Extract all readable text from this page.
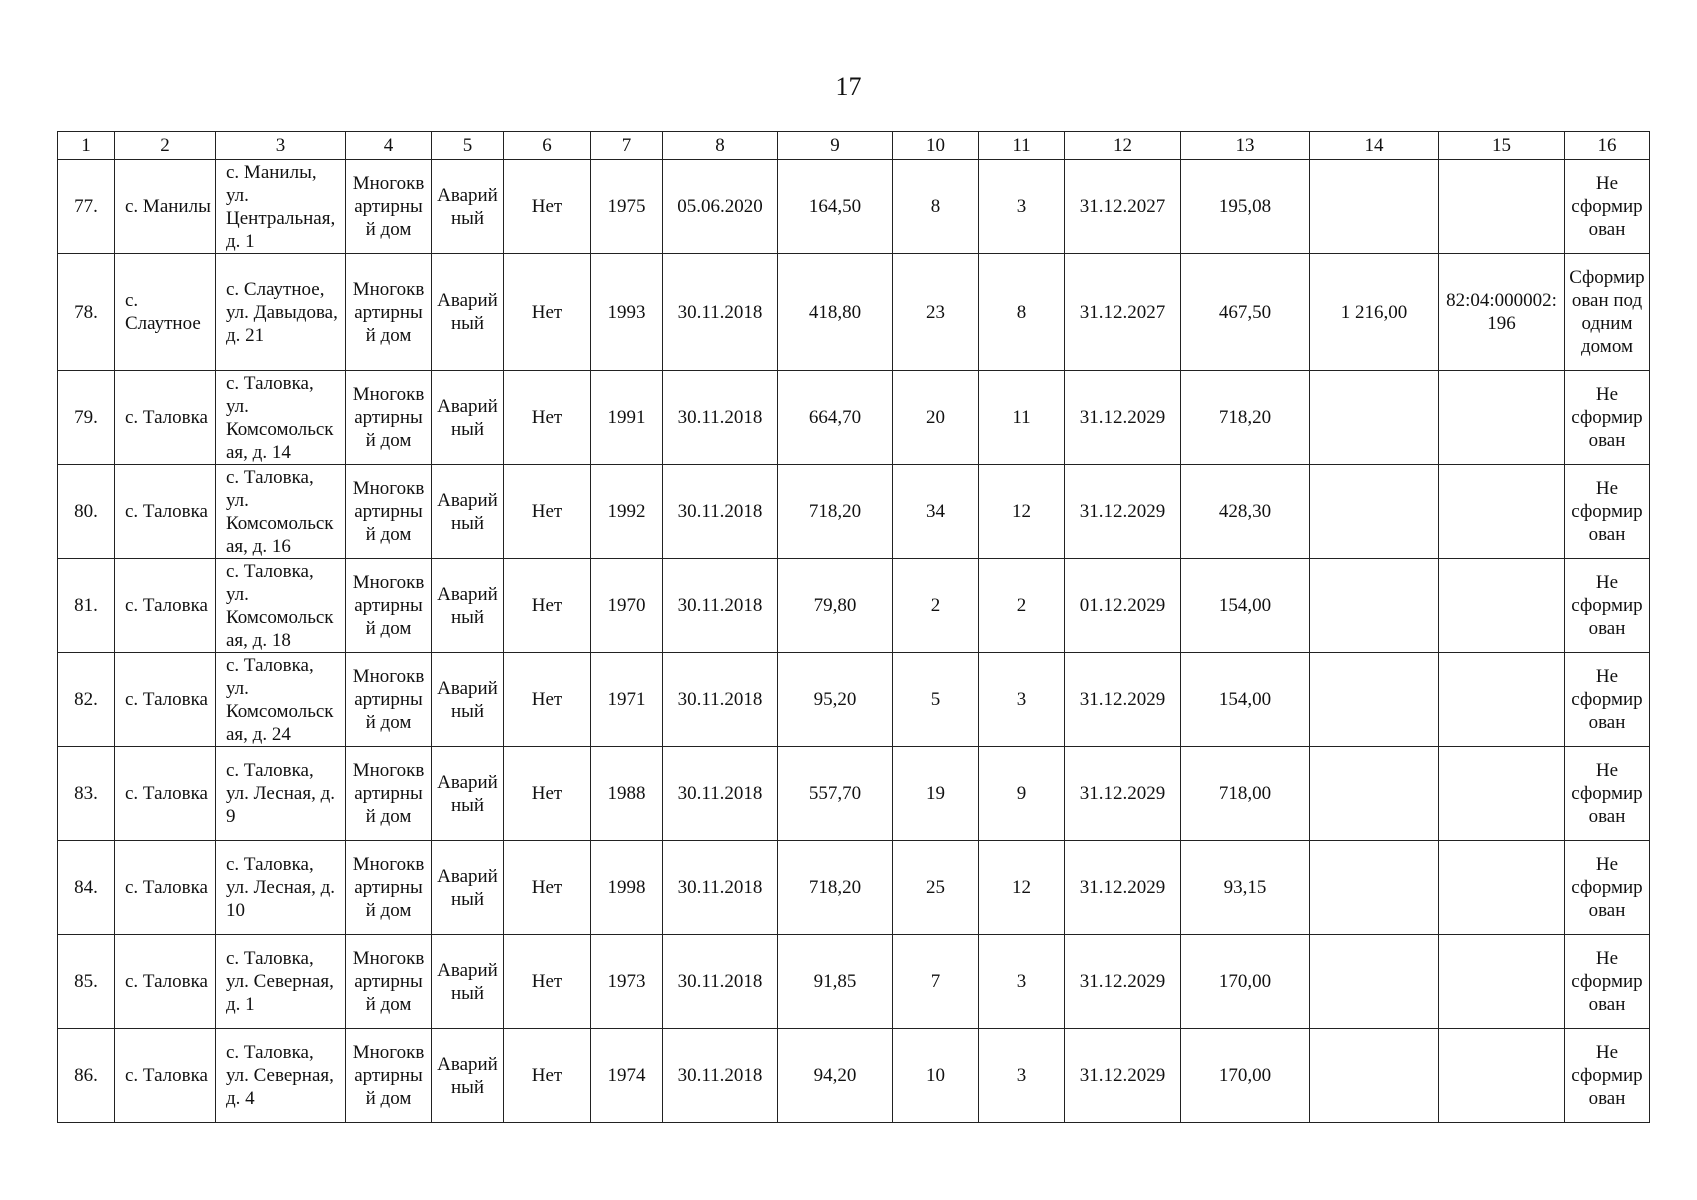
17
1	2	3	4	5	6	7	8	9	10	11	12	13	14	15	16
77.	с. Манилы	с. Манилы, ул. Центральная, д. 1	Многоквартирный дом	Аварийный	Нет	1975	05.06.2020	164,50	8	3	31.12.2027	195,08			Не сформирован
78.	с. Слаутное	с. Слаутное, ул. Давыдова, д. 21	Многоквартирный дом	Аварийный	Нет	1993	30.11.2018	418,80	23	8	31.12.2027	467,50	1 216,00	82:04:000002:196	Сформирован под одним домом
79.	с. Таловка	с. Таловка, ул. Комсомольская, д. 14	Многоквартирный дом	Аварийный	Нет	1991	30.11.2018	664,70	20	11	31.12.2029	718,20			Не сформирован
80.	с. Таловка	с. Таловка, ул. Комсомольская, д. 16	Многоквартирный дом	Аварийный	Нет	1992	30.11.2018	718,20	34	12	31.12.2029	428,30			Не сформирован
81.	с. Таловка	с. Таловка, ул. Комсомольская, д. 18	Многоквартирный дом	Аварийный	Нет	1970	30.11.2018	79,80	2	2	01.12.2029	154,00			Не сформирован
82.	с. Таловка	с. Таловка, ул. Комсомольская, д. 24	Многоквартирный дом	Аварийный	Нет	1971	30.11.2018	95,20	5	3	31.12.2029	154,00			Не сформирован
83.	с. Таловка	с. Таловка, ул. Лесная, д. 9	Многоквартирный дом	Аварийный	Нет	1988	30.11.2018	557,70	19	9	31.12.2029	718,00			Не сформирован
84.	с. Таловка	с. Таловка, ул. Лесная, д. 10	Многоквартирный дом	Аварийный	Нет	1998	30.11.2018	718,20	25	12	31.12.2029	93,15			Не сформирован
85.	с. Таловка	с. Таловка, ул. Северная, д. 1	Многоквартирный дом	Аварийный	Нет	1973	30.11.2018	91,85	7	3	31.12.2029	170,00			Не сформирован
86.	с. Таловка	с. Таловка, ул. Северная, д. 4	Многоквартирный дом	Аварийный	Нет	1974	30.11.2018	94,20	10	3	31.12.2029	170,00			Не сформирован
